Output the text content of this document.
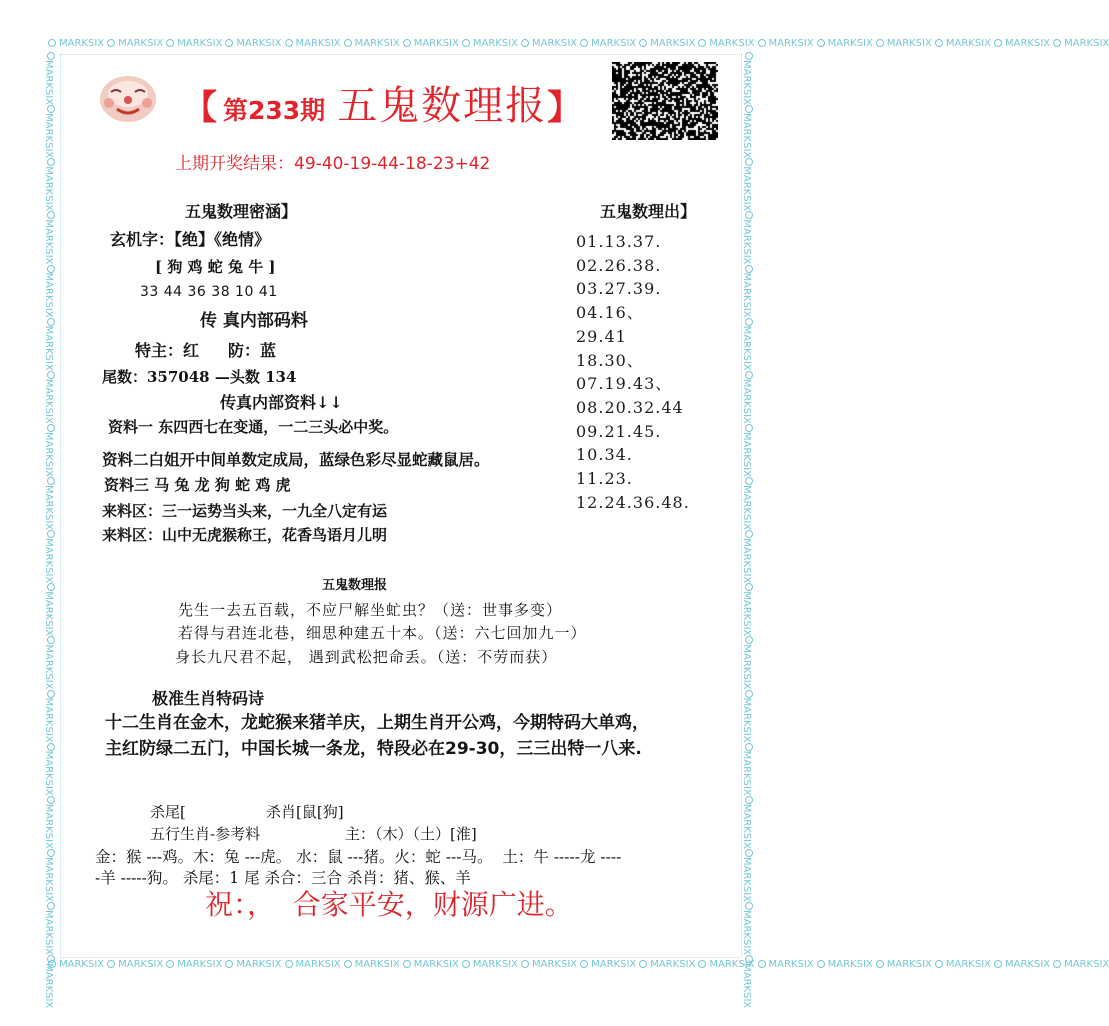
MARKSIX MARKSIX MARKSIX MARKSIX MARKSIX MARKSIX MARKSIX MARKSIX MARKSIX MARKSIX MARKSIX MARKSIX MARKSIX MARKSIX MARKSIX MARKSIX MARKSIX MARKSIX
MARKSIX MARKSIX MARKSIX MARKSIX MARKSIX MARKSIX MARKSIX MARKSIX MARKSIX MARKSIX MARKSIX MARKSIX MARKSIX MARKSIX MARKSIX MARKSIX MARKSIX MARKSIX
MARKSIXMARKSIXMARKSIXMARKSIXMARKSIXMARKSIXMARKSIXMARKSIXMARKSIXMARKSIXMARKSIXMARKSIXMARKSIXMARKSIXMARKSIXMARKSIXMARKSIXMARKSIX
MARKSIXMARKSIXMARKSIXMARKSIXMARKSIXMARKSIXMARKSIXMARKSIXMARKSIXMARKSIXMARKSIXMARKSIXMARKSIXMARKSIXMARKSIXMARKSIXMARKSIXMARKSIX
【 第233期 五鬼数理报 】
上期开奖结果：49-40-19-44-18-23+42
五鬼数理密涵】
玄机字：【绝】《绝情》
[ 狗 鸡 蛇 兔 牛 ]
33 44 36 38 10 41
传 真内部码料
特主：红 防：蓝
尾数：357048 —头数 134
传真内部资料↓↓
资料一 东四西七在变通，一二三头必中奖。
资料二白姐开中间单数定成局，蓝绿色彩尽显蛇藏鼠居。
资料三 马 兔 龙 狗 蛇 鸡 虎
来料区：三一运势当头来，一九全八定有运
来料区：山中无虎猴称王，花香鸟语月儿明
五鬼数理出】
01.13.37.
02.26.38.
03.27.39.
04.16、
29.41
18.30、
07.19.43、
08.20.32.44
09.21.45.
10.34.
11.23.
12.24.36.48.
$^{五鬼数理报}$
先生一去五百载，不应尸解坐虻虫？（送：世事多变）
若得与君连北巷，细思种建五十本。（送：六七回加九一）
身长九尺君不起， 遇到武松把命丢。（送：不劳而获）
极准生肖特码诗
十二生肖在金木，龙蛇猴来猪羊庆，上期生肖开公鸡，今期特码大单鸡，
主红防绿二五门，中国长城一条龙，特段必在29-30，三三出特一八来.
杀尾[	杀肖[鼠[狗]
五行生肖-参考料	主：（木）（土）[淮]
金：猴 ---鸡。木：兔 ---虎。 水：鼠 ---猪。火：蛇 ---马。  土：牛 -----龙 ----
-羊 -----狗。 杀尾：1 尾 杀合：三合 杀肖：猪、猴、羊
祝：，  合家平安，财源广进。
